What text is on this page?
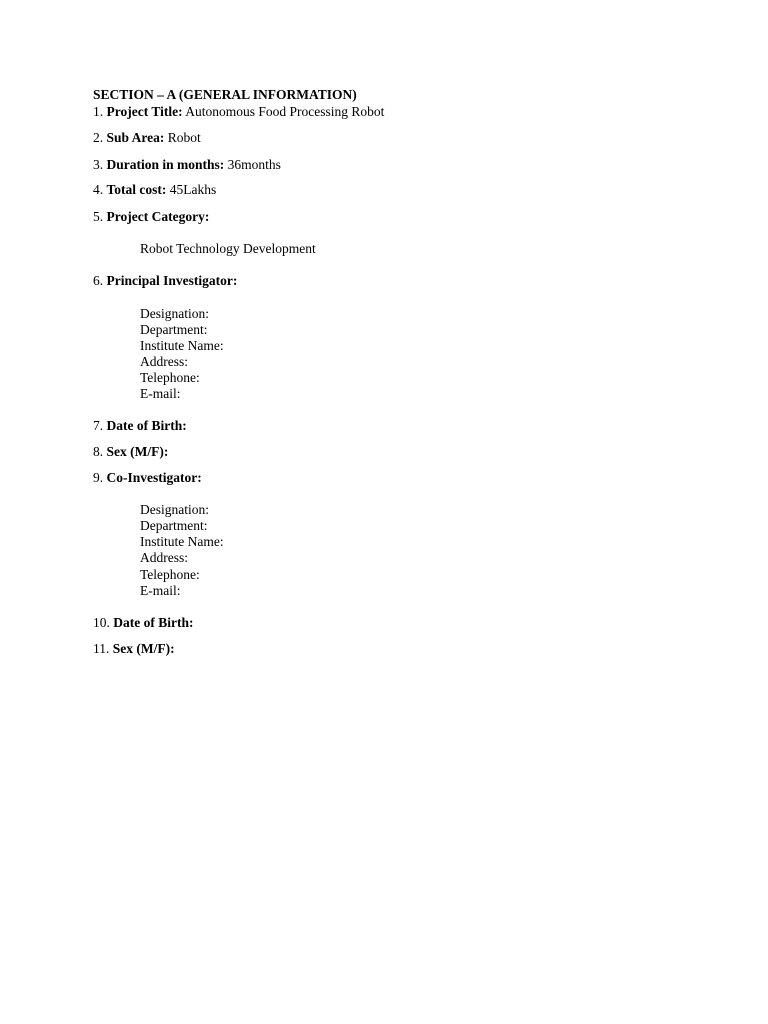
SECTION – A (GENERAL INFORMATION)
1. Project Title: Autonomous Food Processing Robot
2. Sub Area: Robot
3. Duration in months: 36months
4. Total cost: 45Lakhs
5. Project Category:
Robot Technology Development
6. Principal Investigator:
Designation:
Department:
Institute Name:
Address:
Telephone:
E-mail:
7. Date of Birth:
8. Sex (M/F):
9. Co-Investigator:
Designation:
Department:
Institute Name:
Address:
Telephone:
E-mail:
10. Date of Birth:
11. Sex (M/F):
